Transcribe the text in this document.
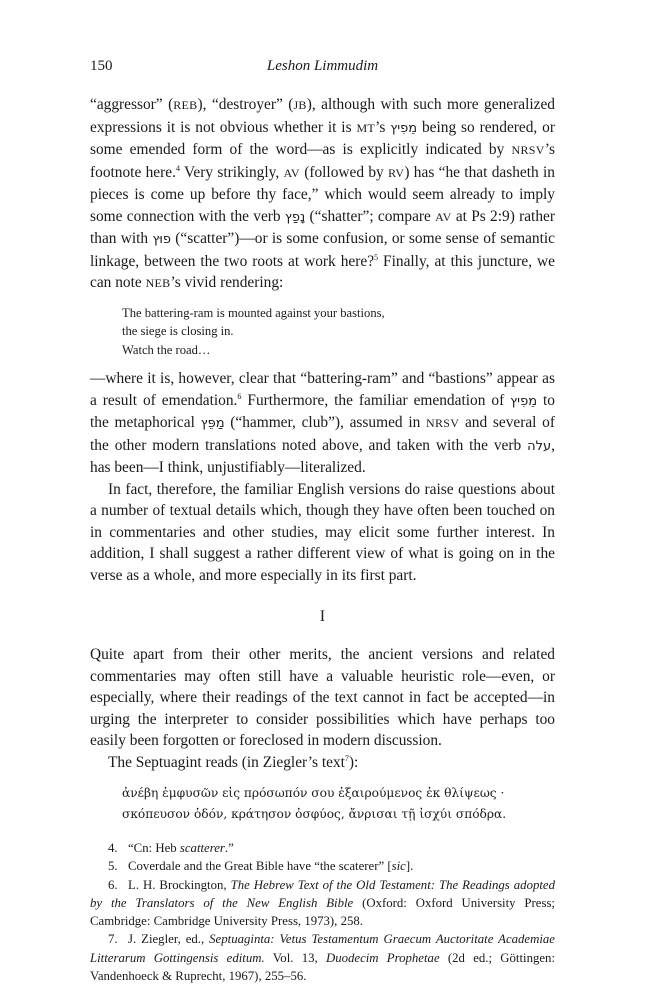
150	Leshon Limmudim

“aggressor” (REB), “destroyer” (JB), although with such more generalized expressions it is not obvious whether it is MT’s מֵפִיץ being so rendered, or some emended form of the word—as is explicitly indicated by NRSV’s footnote here.$^4$ Very strikingly, AV (followed by RV) has “he that dasheth in pieces is come up before thy face,” which would seem already to imply some connection with the verb נָפַץ (“shatter”; compare AV at Ps 2:9) rather than with פוּץ (“scatter”)—or is some confusion, or some sense of semantic linkage, between the two roots at work here?$^5$ Finally, at this juncture, we can note NEB’s vivid rendering:

The battering-ram is mounted against your bastions,
the siege is closing in.
Watch the road…

—where it is, however, clear that “battering-ram” and “bastions” appear as a result of emendation.$^6$ Furthermore, the familiar emendation of מֵפִיץ to the metaphorical מַפֵּץ (“hammer, club”), assumed in NRSV and several of the other modern translations noted above, and taken with the verb עלה, has been—I think, unjustifiably—literalized.

In fact, therefore, the familiar English versions do raise questions about a number of textual details which, though they have often been touched on in commentaries and other studies, may elicit some further interest. In addition, I shall suggest a rather different view of what is going on in the verse as a whole, and more especially in its first part.

I

Quite apart from their other merits, the ancient versions and related commentaries may often still have a valuable heuristic role—even, or especially, where their readings of the text cannot in fact be accepted—in urging the interpreter to consider possibilities which have perhaps too easily been forgotten or foreclosed in modern discussion.

The Septuagint reads (in Ziegler’s text$^7$):

ἀνέβη ἐμφυσῶν εἰς πρόσωπόν σου ἐξαιρούμενος ἐκ θλίψεως ·
σκόπευσον ὁδόν, κράτησον ὀσφύος, ἄνρισαι τῇ ἰσχύι σπόδρα.

4. “Cn: Heb scatterer.”

5. Coverdale and the Great Bible have “the scaterer” [sic].

6. L. H. Brockington, The Hebrew Text of the Old Testament: The Readings adopted by the Translators of the New English Bible (Oxford: Oxford University Press; Cambridge: Cambridge University Press, 1973), 258.

7. J. Ziegler, ed., Septuaginta: Vetus Testamentum Graecum Auctoritate Academiae Litterarum Gottingensis editum. Vol. 13, Duodecim Prophetae (2d ed.; Göttingen: Vandenhoeck & Ruprecht, 1967), 255–56.
